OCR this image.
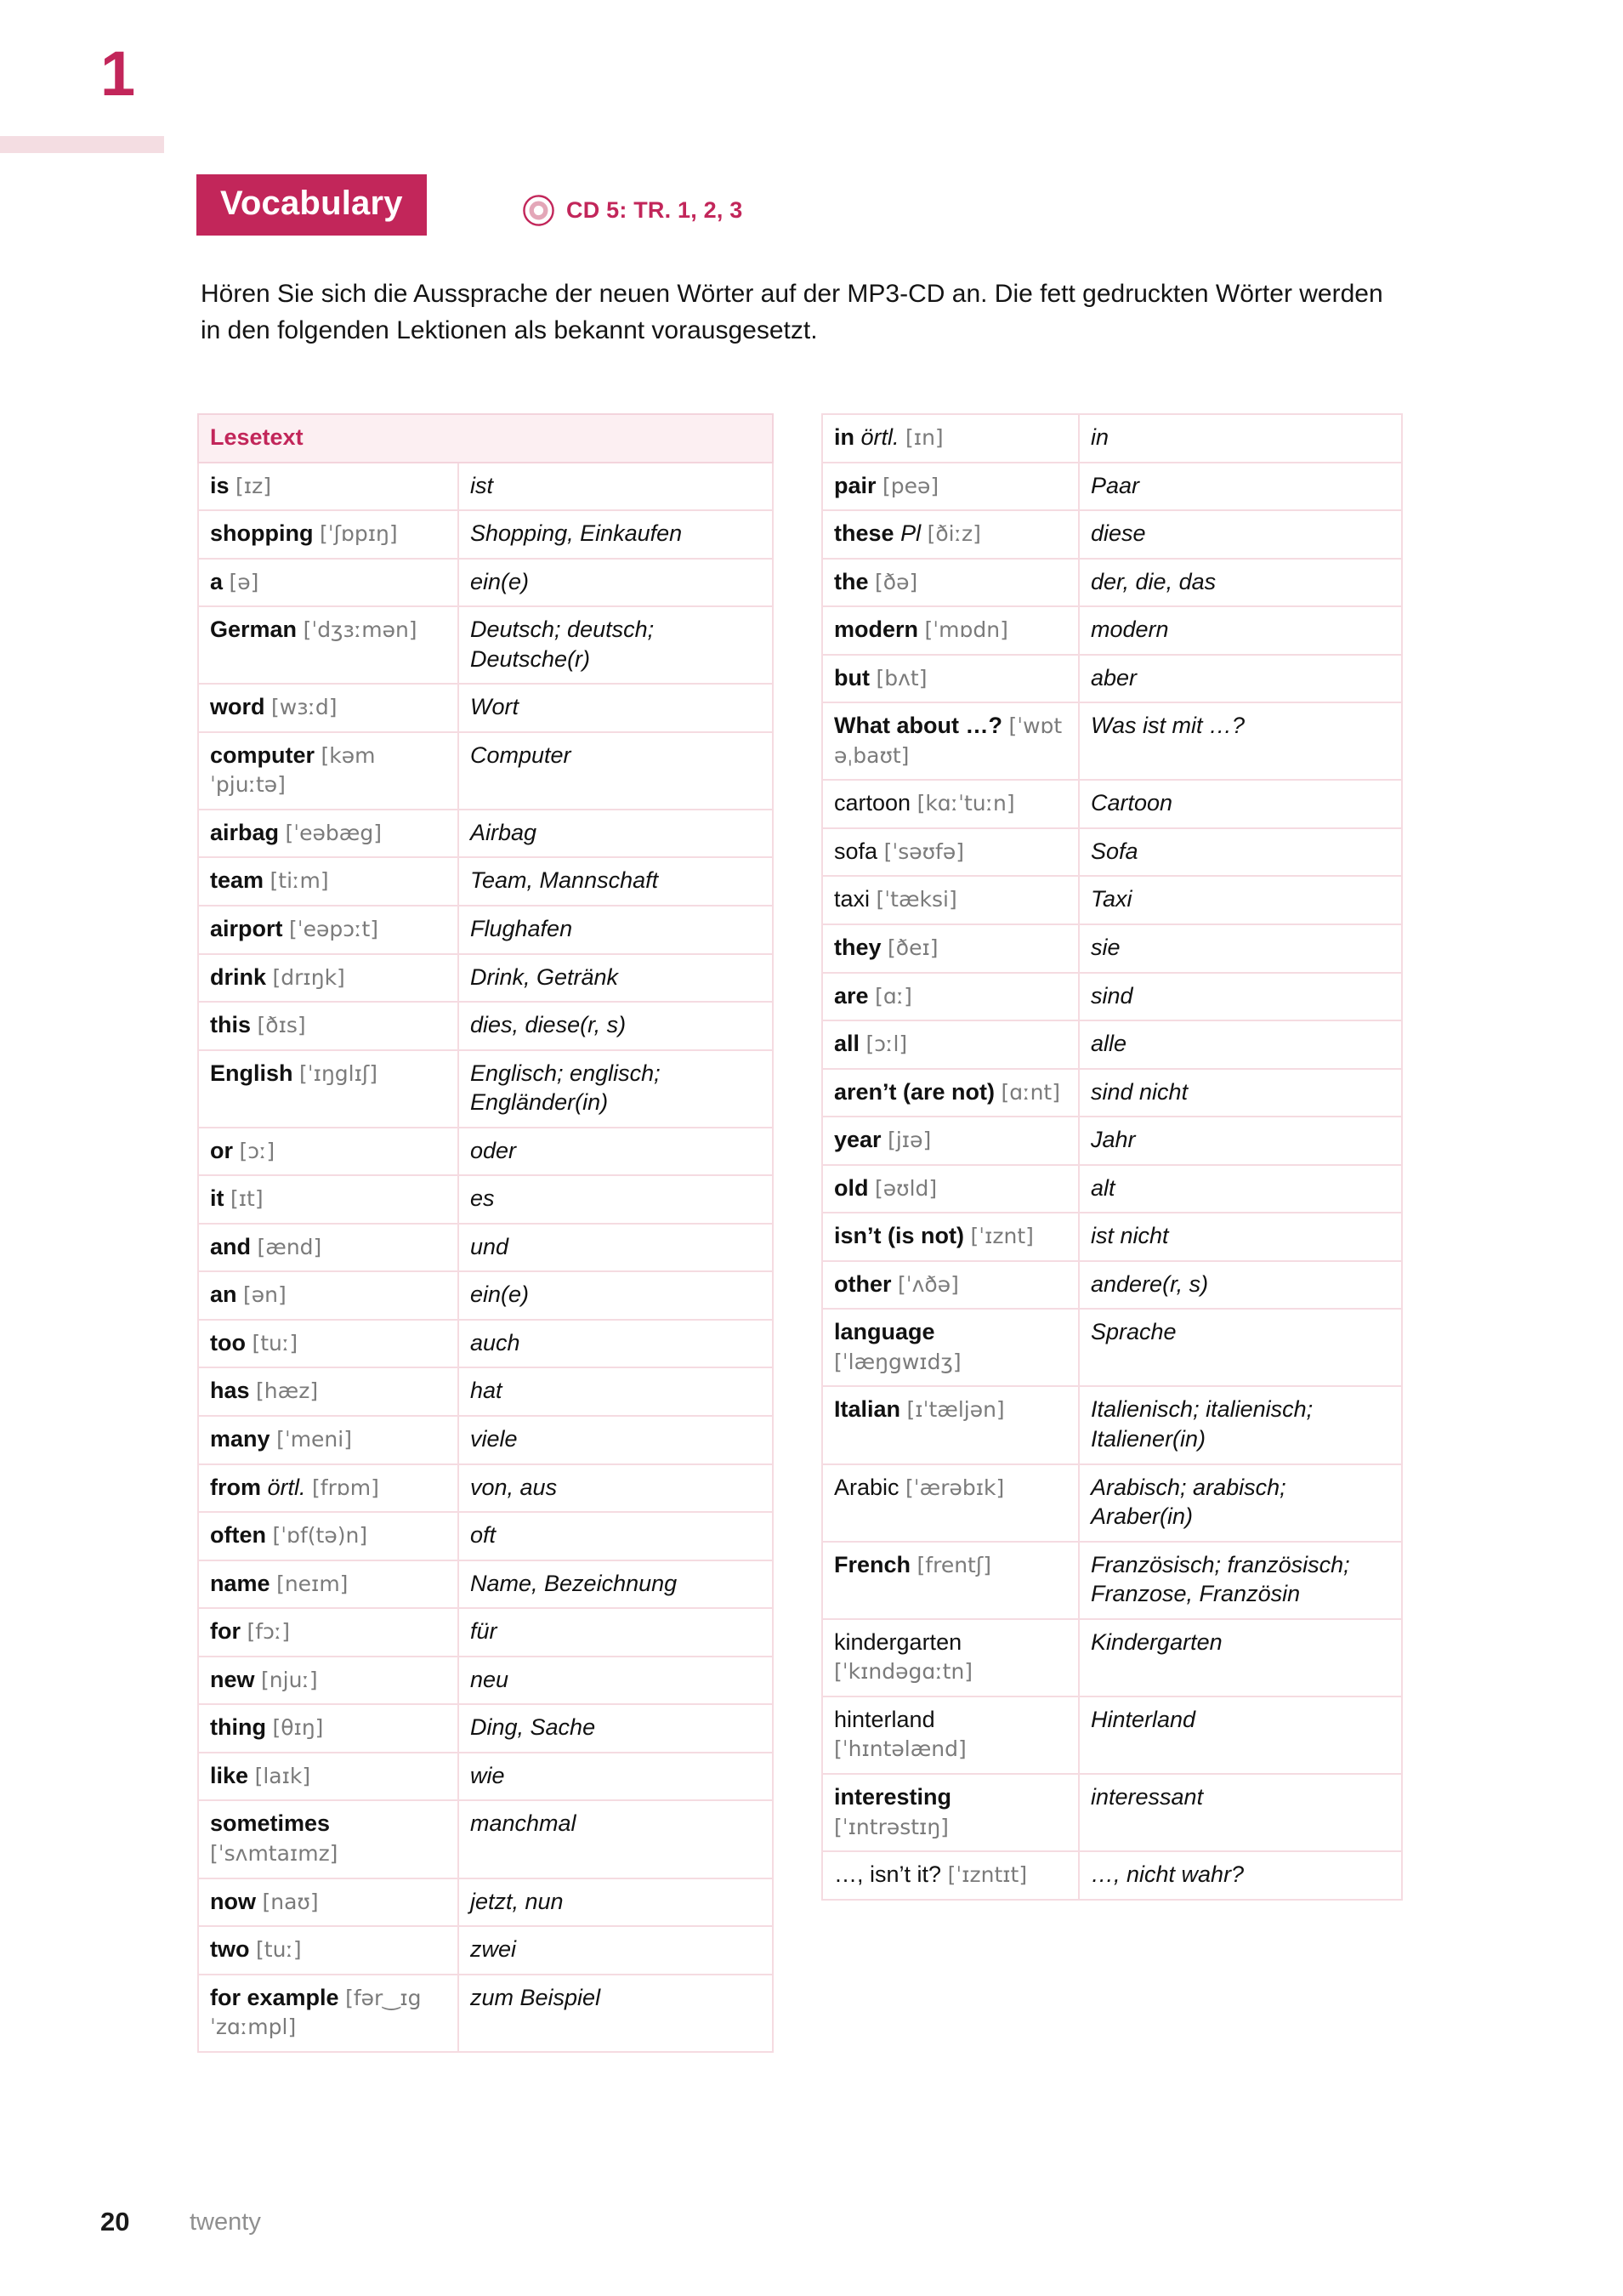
1
Vocabulary	CD 5: TR. 1, 2, 3
Hören Sie sich die Aussprache der neuen Wörter auf der MP3-CD an. Die fett gedruckten Wörter werden in den folgenden Lektionen als bekannt vorausgesetzt.
Lesetext	
is [ɪz]	ist
shopping [ˈʃɒpɪŋ]	Shopping, Einkaufen
a [ə]	ein(e)
German [ˈdʒɜːmən]	Deutsch; deutsch; Deutsche(r)
word [wɜːd]	Wort
computer [kəmˈpjuːtə]	Computer
airbag [ˈeəbæg]	Airbag
team [tiːm]	Team, Mannschaft
airport [ˈeəpɔːt]	Flughafen
drink [drɪŋk]	Drink, Getränk
this [ðɪs]	dies, diese(r, s)
English [ˈɪŋglɪʃ]	Englisch; englisch; Engländer(in)
or [ɔː]	oder
it [ɪt]	es
and [ænd]	und
an [ən]	ein(e)
too [tuː]	auch
has [hæz]	hat
many [ˈmeni]	viele
from örtl. [frɒm]	von, aus
often [ˈɒf(tə)n]	oft
name [neɪm]	Name, Bezeichnung
for [fɔː]	für
new [njuː]	neu
thing [θɪŋ]	Ding, Sache
like [laɪk]	wie
sometimes [ˈsʌmtaɪmz]	manchmal
now [naʊ]	jetzt, nun
two [tuː]	zwei
for example [fər‿ɪgˈzɑːmpl]	zum Beispiel
in örtl. [ɪn]	in
pair [peə]	Paar
these Pl [ðiːz]	diese
the [ðə]	der, die, das
modern [ˈmɒdn]	modern
but [bʌt]	aber
What about …? [ˈwɒt əˌbaʊt]	Was ist mit …?
cartoon [kɑːˈtuːn]	Cartoon
sofa [ˈsəʊfə]	Sofa
taxi [ˈtæksi]	Taxi
they [ðeɪ]	sie
are [ɑː]	sind
all [ɔːl]	alle
aren’t (are not) [ɑːnt]	sind nicht
year [jɪə]	Jahr
old [əʊld]	alt
isn’t (is not) [ˈɪznt]	ist nicht
other [ˈʌðə]	andere(r, s)
language [ˈlæŋgwɪdʒ]	Sprache
Italian [ɪˈtæljən]	Italienisch; italienisch; Italiener(in)
Arabic [ˈærəbɪk]	Arabisch; arabisch; Araber(in)
French [frentʃ]	Französisch; französisch; Franzose, Französin
kindergarten [ˈkɪndəgɑːtn]	Kindergarten
hinterland [ˈhɪntəlænd]	Hinterland
interesting [ˈɪntrəstɪŋ]	interessant
…, isn’t it? [ˈɪzntɪt]	…, nicht wahr?
20 twenty
